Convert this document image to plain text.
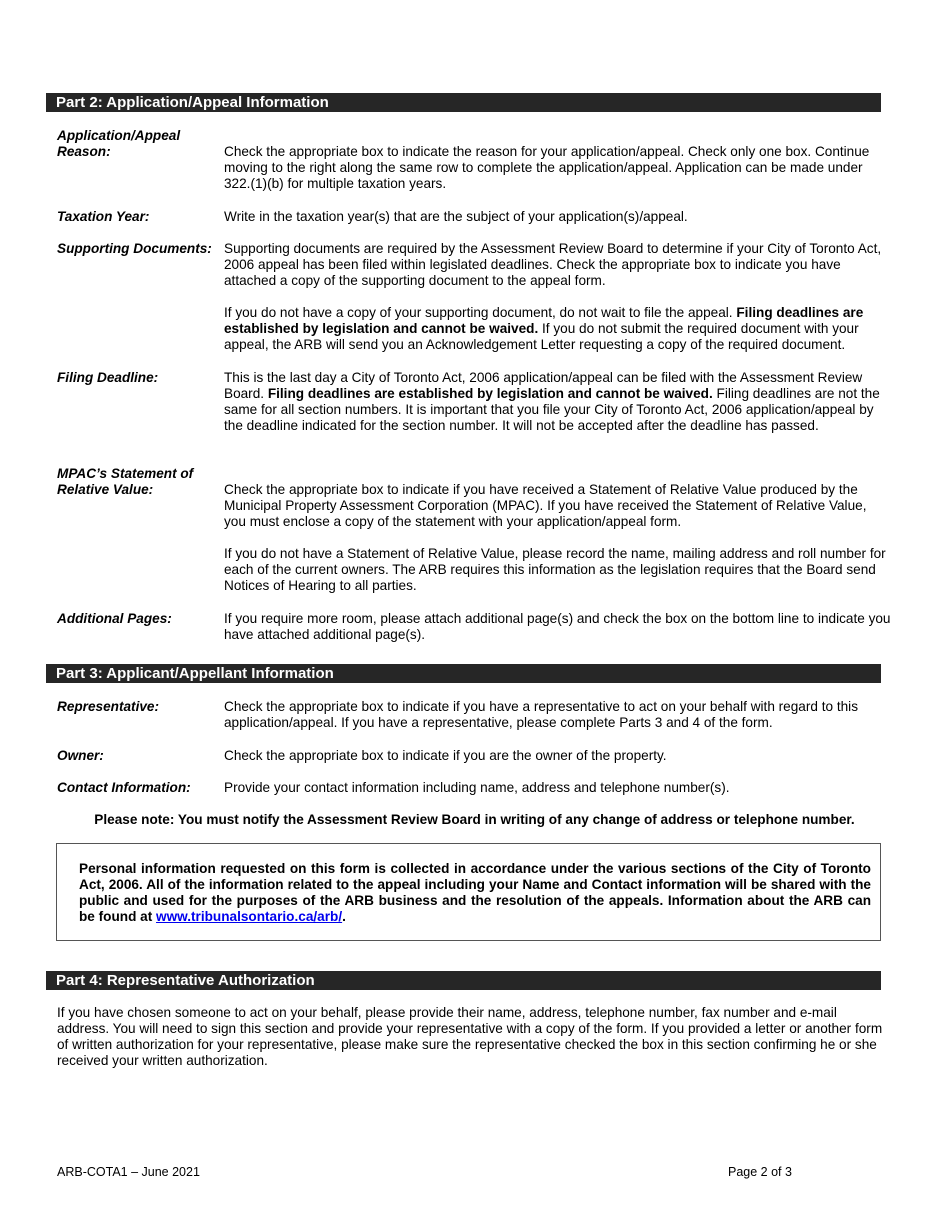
Part 2: Application/Appeal Information
Application/Appeal
Reason:	Check the appropriate box to indicate the reason for your application/appeal. Check only one box. Continue moving to the right along the same row to complete the application/appeal. Application can be made under 322.(1)(b) for multiple taxation years.
Taxation Year:	Write in the taxation year(s) that are the subject of your application(s)/appeal.
Supporting Documents: Supporting documents are required by the Assessment Review Board to determine if your City of Toronto Act, 2006 appeal has been filed within legislated deadlines. Check the appropriate box to indicate you have attached a copy of the supporting document to the appeal form.
If you do not have a copy of your supporting document, do not wait to file the appeal. Filing deadlines are established by legislation and cannot be waived. If you do not submit the required document with your appeal, the ARB will send you an Acknowledgement Letter requesting a copy of the required document.
Filing Deadline:	This is the last day a City of Toronto Act, 2006 application/appeal can be filed with the Assessment Review Board. Filing deadlines are established by legislation and cannot be waived. Filing deadlines are not the same for all section numbers. It is important that you file your City of Toronto Act, 2006 application/appeal by the deadline indicated for the section number. It will not be accepted after the deadline has passed.
MPAC’s Statement of
Relative Value:	Check the appropriate box to indicate if you have received a Statement of Relative Value produced by the Municipal Property Assessment Corporation (MPAC). If you have received the Statement of Relative Value, you must enclose a copy of the statement with your application/appeal form.
If you do not have a Statement of Relative Value, please record the name, mailing address and roll number for each of the current owners. The ARB requires this information as the legislation requires that the Board send Notices of Hearing to all parties.
Additional Pages:	If you require more room, please attach additional page(s) and check the box on the bottom line to indicate you have attached additional page(s).
Part 3: Applicant/Appellant Information
Representative:	Check the appropriate box to indicate if you have a representative to act on your behalf with regard to this application/appeal. If you have a representative, please complete Parts 3 and 4 of the form.
Owner:	Check the appropriate box to indicate if you are the owner of the property.
Contact Information:	Provide your contact information including name, address and telephone number(s).
Please note: You must notify the Assessment Review Board in writing of any change of address or telephone number.
Personal information requested on this form is collected in accordance under the various sections of the City of Toronto Act, 2006. All of the information related to the appeal including your Name and Contact information will be shared with the public and used for the purposes of the ARB business and the resolution of the appeals. Information about the ARB can be found at www.tribunalsontario.ca/arb/.
Part 4: Representative Authorization
If you have chosen someone to act on your behalf, please provide their name, address, telephone number, fax number and e-mail address. You will need to sign this section and provide your representative with a copy of the form. If you provided a letter or another form of written authorization for your representative, please make sure the representative checked the box in this section confirming he or she received your written authorization.
ARB-COTA1 – June 2021	Page 2 of 3
